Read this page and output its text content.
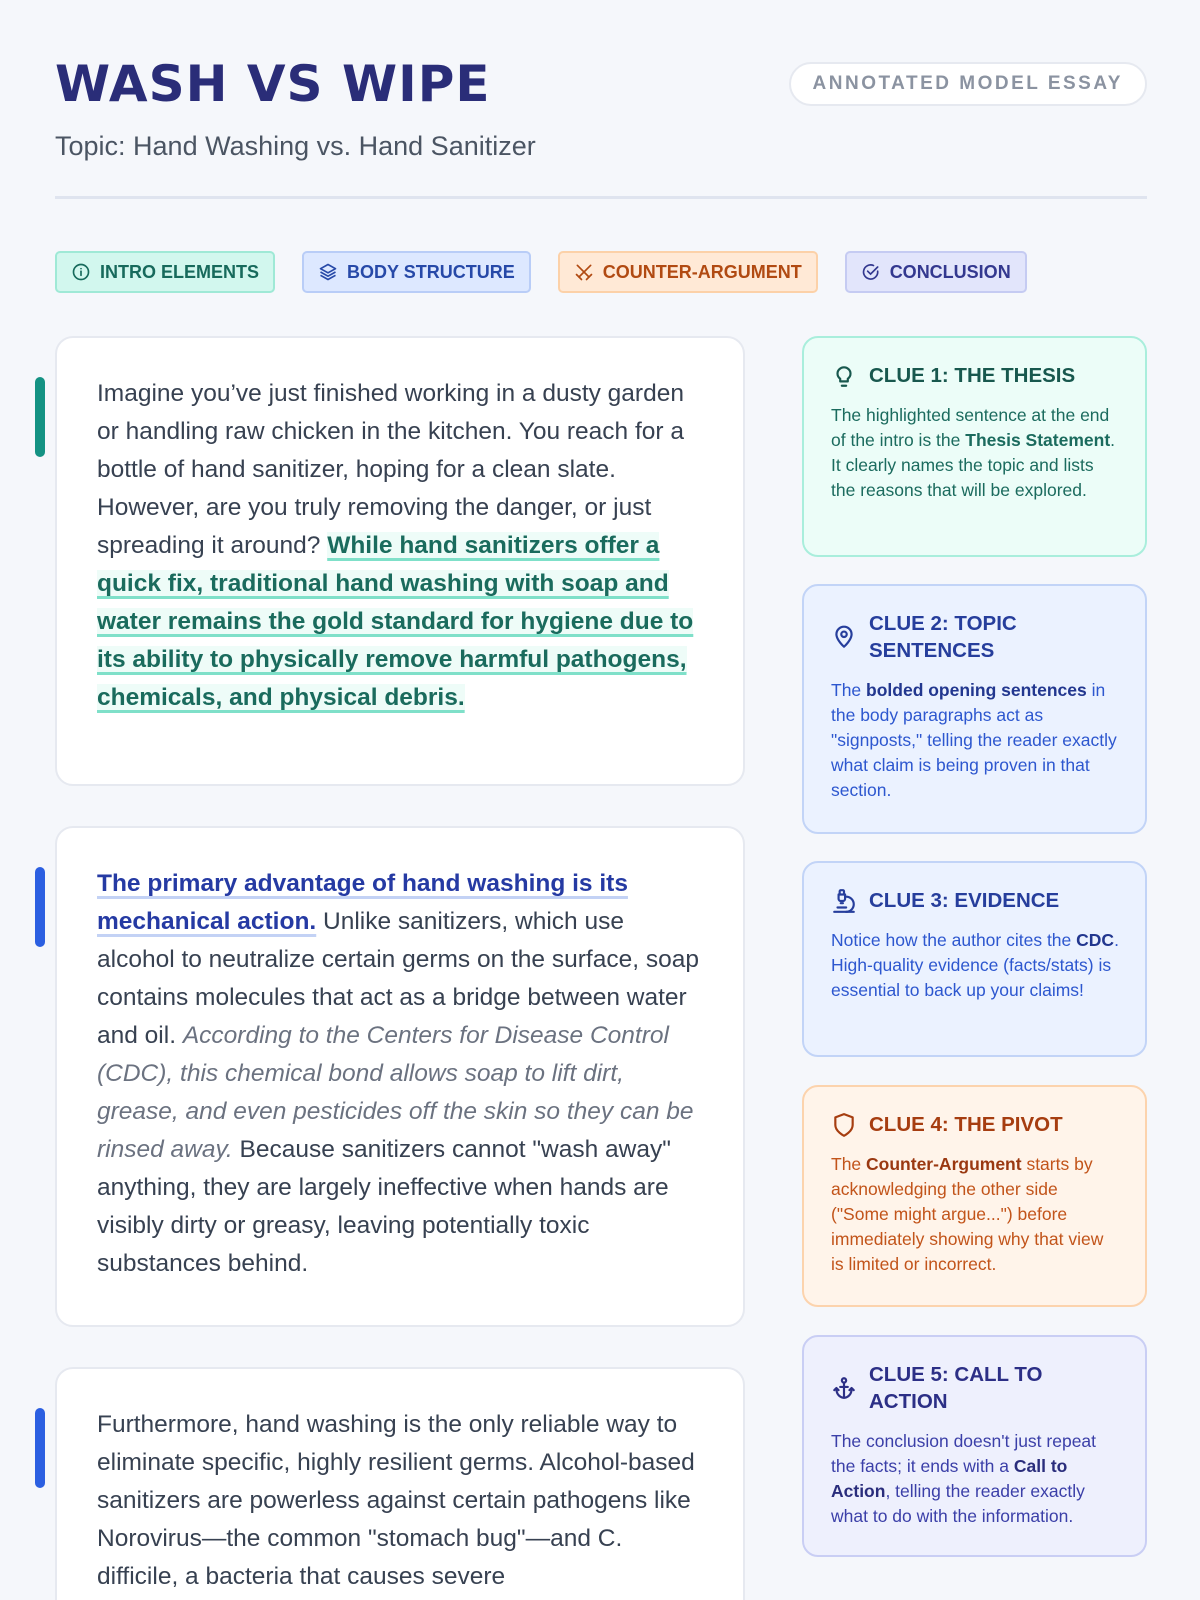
WASH VS WIPE
Topic: Hand Washing vs. Hand Sanitizer
ANNOTATED MODEL ESSAY
INTRO ELEMENTS	BODY STRUCTURE	COUNTER-ARGUMENT	CONCLUSION

Imagine you’ve just finished working in a dusty garden or handling raw chicken in the kitchen. You reach for a bottle of hand sanitizer, hoping for a clean slate. However, are you truly removing the danger, or just spreading it around? While hand sanitizers offer a quick fix, traditional hand washing with soap and water remains the gold standard for hygiene due to its ability to physically remove harmful pathogens, chemicals, and physical debris.

The primary advantage of hand washing is its mechanical action. Unlike sanitizers, which use alcohol to neutralize certain germs on the surface, soap contains molecules that act as a bridge between water and oil. According to the Centers for Disease Control (CDC), this chemical bond allows soap to lift dirt, grease, and even pesticides off the skin so they can be rinsed away. Because sanitizers cannot "wash away" anything, they are largely ineffective when hands are visibly dirty or greasy, leaving potentially toxic substances behind.

Furthermore, hand washing is the only reliable way to eliminate specific, highly resilient germs. Alcohol-based sanitizers are powerless against certain pathogens like Norovirus—the common "stomach bug"—and C. difficile, a bacteria that causes severe

CLUE 1: THE THESIS

The highlighted sentence at the end of the intro is the Thesis Statement. It clearly names the topic and lists the reasons that will be explored.

CLUE 2: TOPIC SENTENCES

The bolded opening sentences in the body paragraphs act as "signposts," telling the reader exactly what claim is being proven in that section.

CLUE 3: EVIDENCE

Notice how the author cites the CDC. High-quality evidence (facts/stats) is essential to back up your claims!

CLUE 4: THE PIVOT

The Counter-Argument starts by acknowledging the other side ("Some might argue...") before immediately showing why that view is limited or incorrect.

CLUE 5: CALL TO ACTION

The conclusion doesn't just repeat the facts; it ends with a Call to Action, telling the reader exactly what to do with the information.
